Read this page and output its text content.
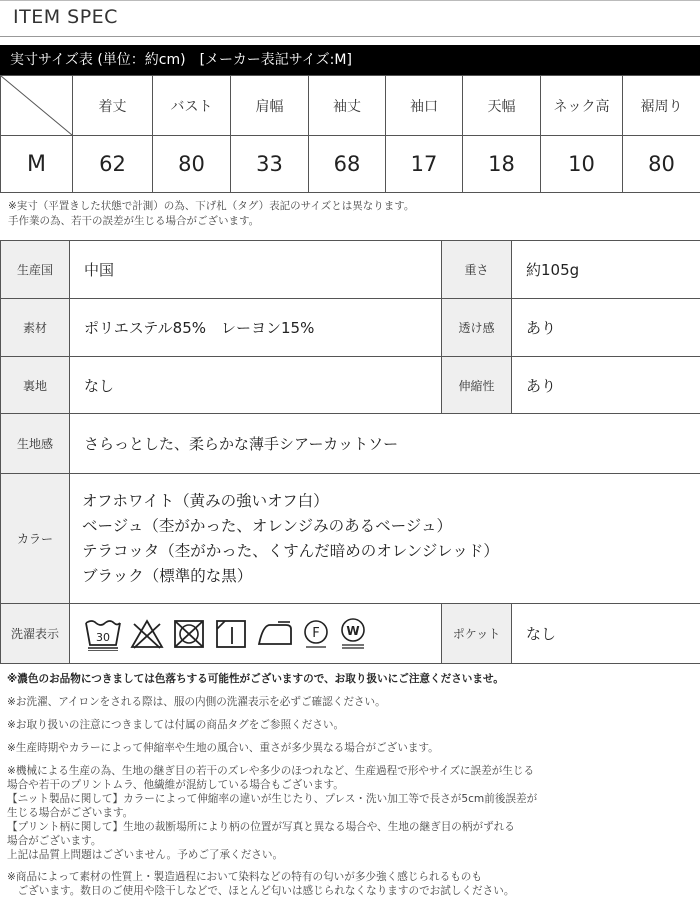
ITEM SPEC
実寸サイズ表 (単位：約cm)　[メーカー表記サイズ:M]
	着丈	バスト	肩幅	袖丈	袖口	天幅	ネック高	裾周り
M	62	80	33	68	17	18	10	80
※実寸（平置きした状態で計測）の為、下げ札（タグ）表記のサイズとは異なります。
手作業の為、若干の誤差が生じる場合がございます。
生産国	中国	重さ	約105g
素材	ポリエステル85%　レーヨン15%	透け感	あり
裏地	なし	伸縮性	あり
生地感	さらっとした、柔らかな薄手シアーカットソー		
カラー	オフホワイト（黄みの強いオフ白）
ベージュ（杢がかった、オレンジみのあるベージュ）
テラコッタ（杢がかった、くすんだ暗めのオレンジレッド）
ブラック（標準的な黒）		

洗濯表示	30 F W	ポケット	なし

※濃色のお品物につきましては色落ちする可能性がございますので、お取り扱いにご注意くださいませ。

※お洗濯、アイロンをされる際は、服の内側の洗濯表示を必ずご確認ください。

※お取り扱いの注意につきましては付属の商品タグをご参照ください。

※生産時期やカラーによって伸縮率や生地の風合い、重さが多少異なる場合がございます。

※機械による生産の為、生地の継ぎ目の若干のズレや多少のほつれなど、生産過程で形やサイズに誤差が生じる

場合や若干のプリントムラ、他繊維が混紡している場合もございます。

【ニット製品に関して】カラーによって伸縮率の違いが生じたり、プレス・洗い加工等で長さが5cm前後誤差が

生じる場合がございます。

【プリント柄に関して】生地の裁断場所により柄の位置が写真と異なる場合や、生地の継ぎ目の柄がずれる

場合がございます。

上記は品質上問題はございません。予めご了承ください。

※商品によって素材の性質上・製造過程において染料などの特有の匂いが多少強く感じられるものも

　ございます。数日のご使用や陰干しなどで、ほとんど匂いは感じられなくなりますのでお試しください。
